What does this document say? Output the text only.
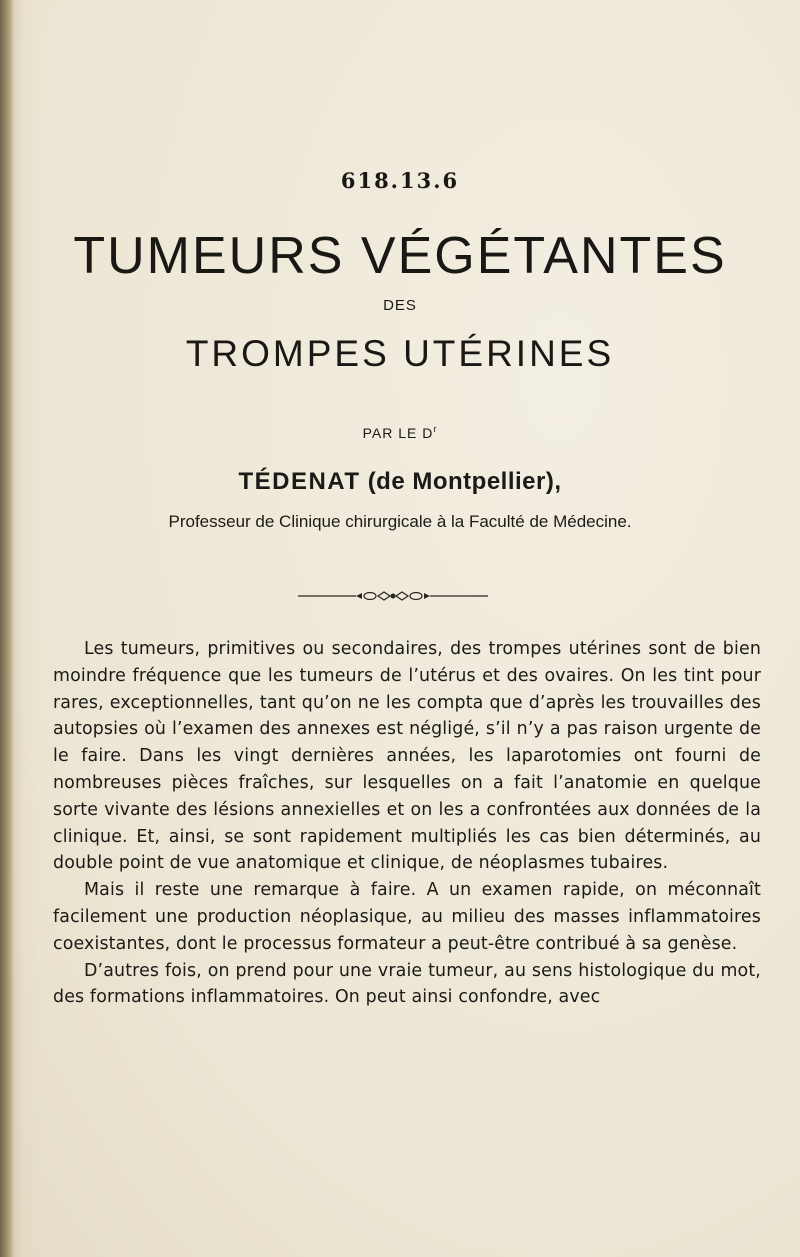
618.13.6
TUMEURS VÉGÉTANTES
DES
TROMPES UTÉRINES
PAR LE $D^r$
TÉDENAT (de Montpellier),
Professeur de Clinique chirurgicale à la Faculté de Médecine.

Les tumeurs, primitives ou secondaires, des trompes utérines sont de bien moindre fréquence que les tumeurs de l’utérus et des ovaires. On les tint pour rares, exceptionnelles, tant qu’on ne les compta que d’après les trouvailles des autopsies où l’examen des annexes est négligé, s’il n’y a pas raison urgente de le faire. Dans les vingt dernières années, les laparotomies ont fourni de nombreuses pièces fraîches, sur lesquelles on a fait l’anatomie en quelque sorte vivante des lésions annexielles et on les a confrontées aux données de la clinique. Et, ainsi, se sont rapidement multipliés les cas bien déterminés, au double point de vue anatomique et clinique, de néoplasmes tubaires.

Mais il reste une remarque à faire. A un examen rapide, on méconnaît facilement une production néoplasique, au milieu des masses inflammatoires coexistantes, dont le processus formateur a peut-être contribué à sa genèse.

D’autres fois, on prend pour une vraie tumeur, au sens histologique du mot, des formations inflammatoires. On peut ainsi confondre, avec
